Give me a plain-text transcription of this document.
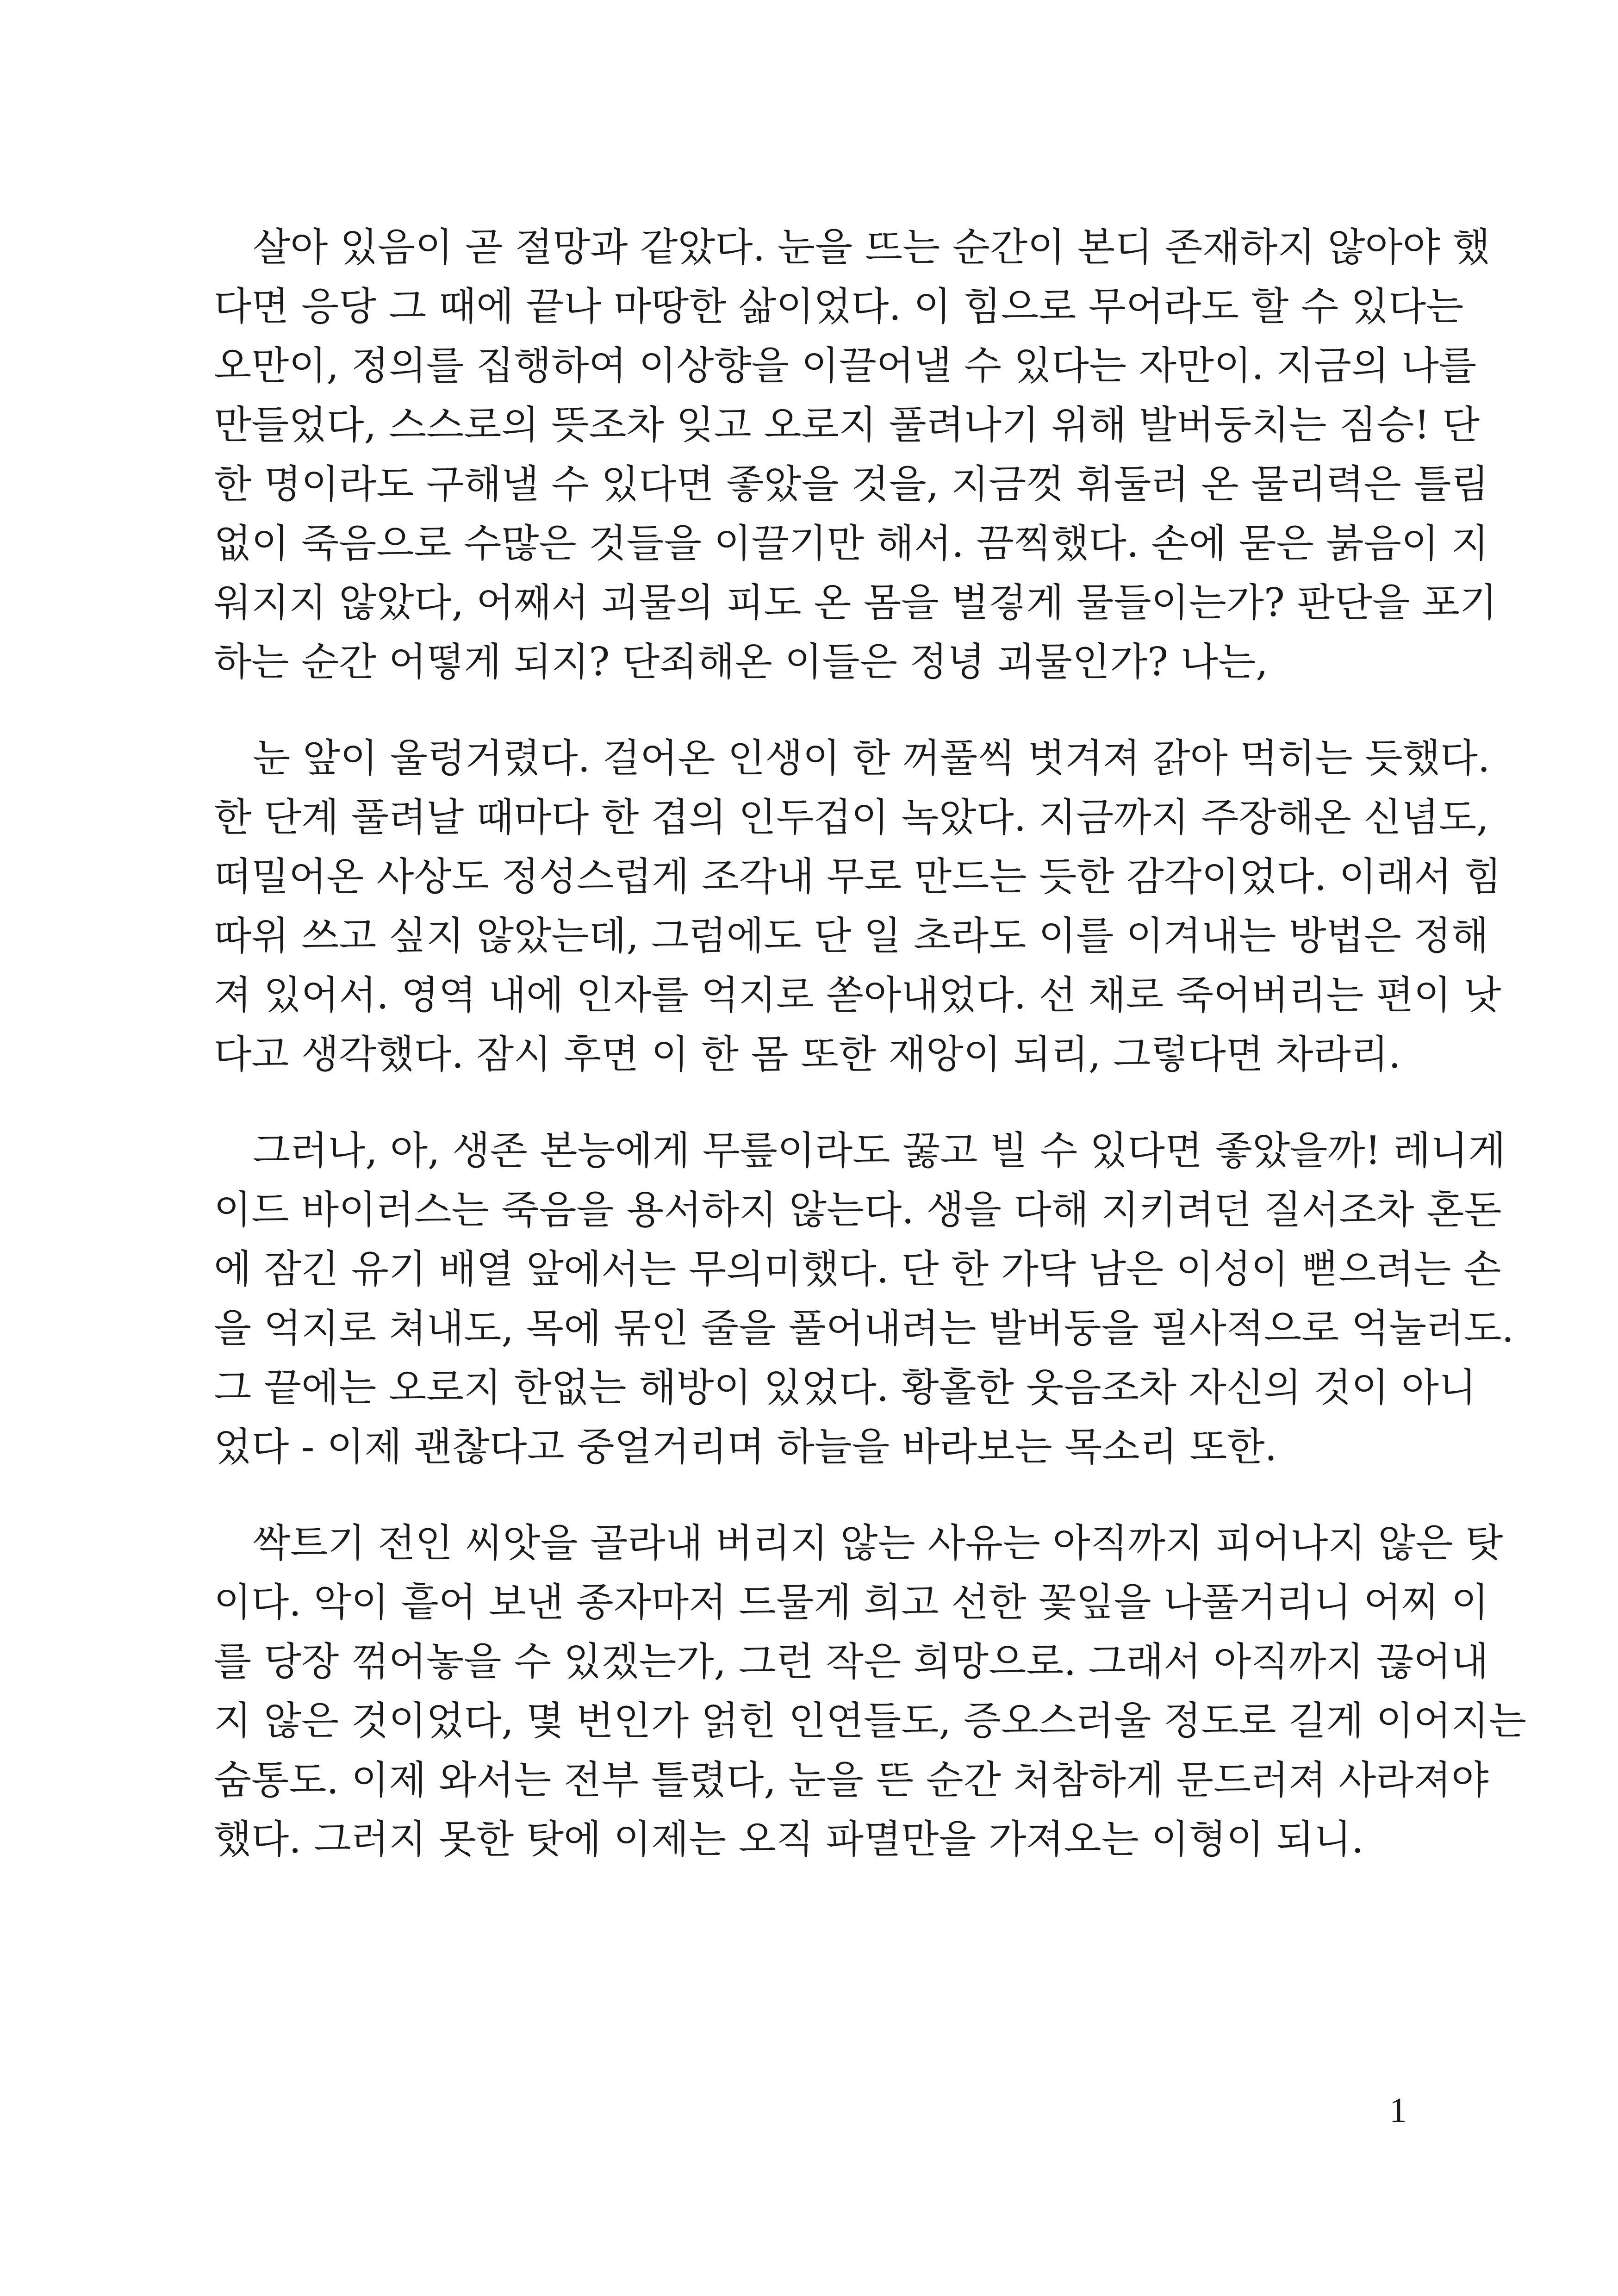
살아 있음이 곧 절망과 같았다. 눈을 뜨는 순간이 본디 존재하지 않아야 했
다면 응당 그 때에 끝나 마땅한 삶이었다. 이 힘으로 무어라도 할 수 있다는
오만이, 정의를 집행하여 이상향을 이끌어낼 수 있다는 자만이. 지금의 나를
만들었다, 스스로의 뜻조차 잊고 오로지 풀려나기 위해 발버둥치는 짐승! 단
한 명이라도 구해낼 수 있다면 좋았을 것을, 지금껏 휘둘러 온 물리력은 틀림
없이 죽음으로 수많은 것들을 이끌기만 해서. 끔찍했다. 손에 묻은 붉음이 지
워지지 않았다, 어째서 괴물의 피도 온 몸을 벌겋게 물들이는가? 판단을 포기
하는 순간 어떻게 되지? 단죄해온 이들은 정녕 괴물인가? 나는,
눈 앞이 울렁거렸다. 걸어온 인생이 한 꺼풀씩 벗겨져 갉아 먹히는 듯했다.
한 단계 풀려날 때마다 한 겹의 인두겁이 녹았다. 지금까지 주장해온 신념도,
떠밀어온 사상도 정성스럽게 조각내 무로 만드는 듯한 감각이었다. 이래서 힘
따위 쓰고 싶지 않았는데, 그럼에도 단 일 초라도 이를 이겨내는 방법은 정해
져 있어서. 영역 내에 인자를 억지로 쏟아내었다. 선 채로 죽어버리는 편이 낫
다고 생각했다. 잠시 후면 이 한 몸 또한 재앙이 되리, 그렇다면 차라리.
그러나, 아, 생존 본능에게 무릎이라도 꿇고 빌 수 있다면 좋았을까! 레니게
이드 바이러스는 죽음을 용서하지 않는다. 생을 다해 지키려던 질서조차 혼돈
에 잠긴 유기 배열 앞에서는 무의미했다. 단 한 가닥 남은 이성이 뻗으려는 손
을 억지로 쳐내도, 목에 묶인 줄을 풀어내려는 발버둥을 필사적으로 억눌러도.
그 끝에는 오로지 한없는 해방이 있었다. 황홀한 웃음조차 자신의 것이 아니
었다 - 이제 괜찮다고 중얼거리며 하늘을 바라보는 목소리 또한.
싹트기 전인 씨앗을 골라내 버리지 않는 사유는 아직까지 피어나지 않은 탓
이다. 악이 흩어 보낸 종자마저 드물게 희고 선한 꽃잎을 나풀거리니 어찌 이
를 당장 꺾어놓을 수 있겠는가, 그런 작은 희망으로. 그래서 아직까지 끊어내
지 않은 것이었다, 몇 번인가 얽힌 인연들도, 증오스러울 정도로 길게 이어지는
숨통도. 이제 와서는 전부 틀렸다, 눈을 뜬 순간 처참하게 문드러져 사라져야
했다. 그러지 못한 탓에 이제는 오직 파멸만을 가져오는 이형이 되니.
1
